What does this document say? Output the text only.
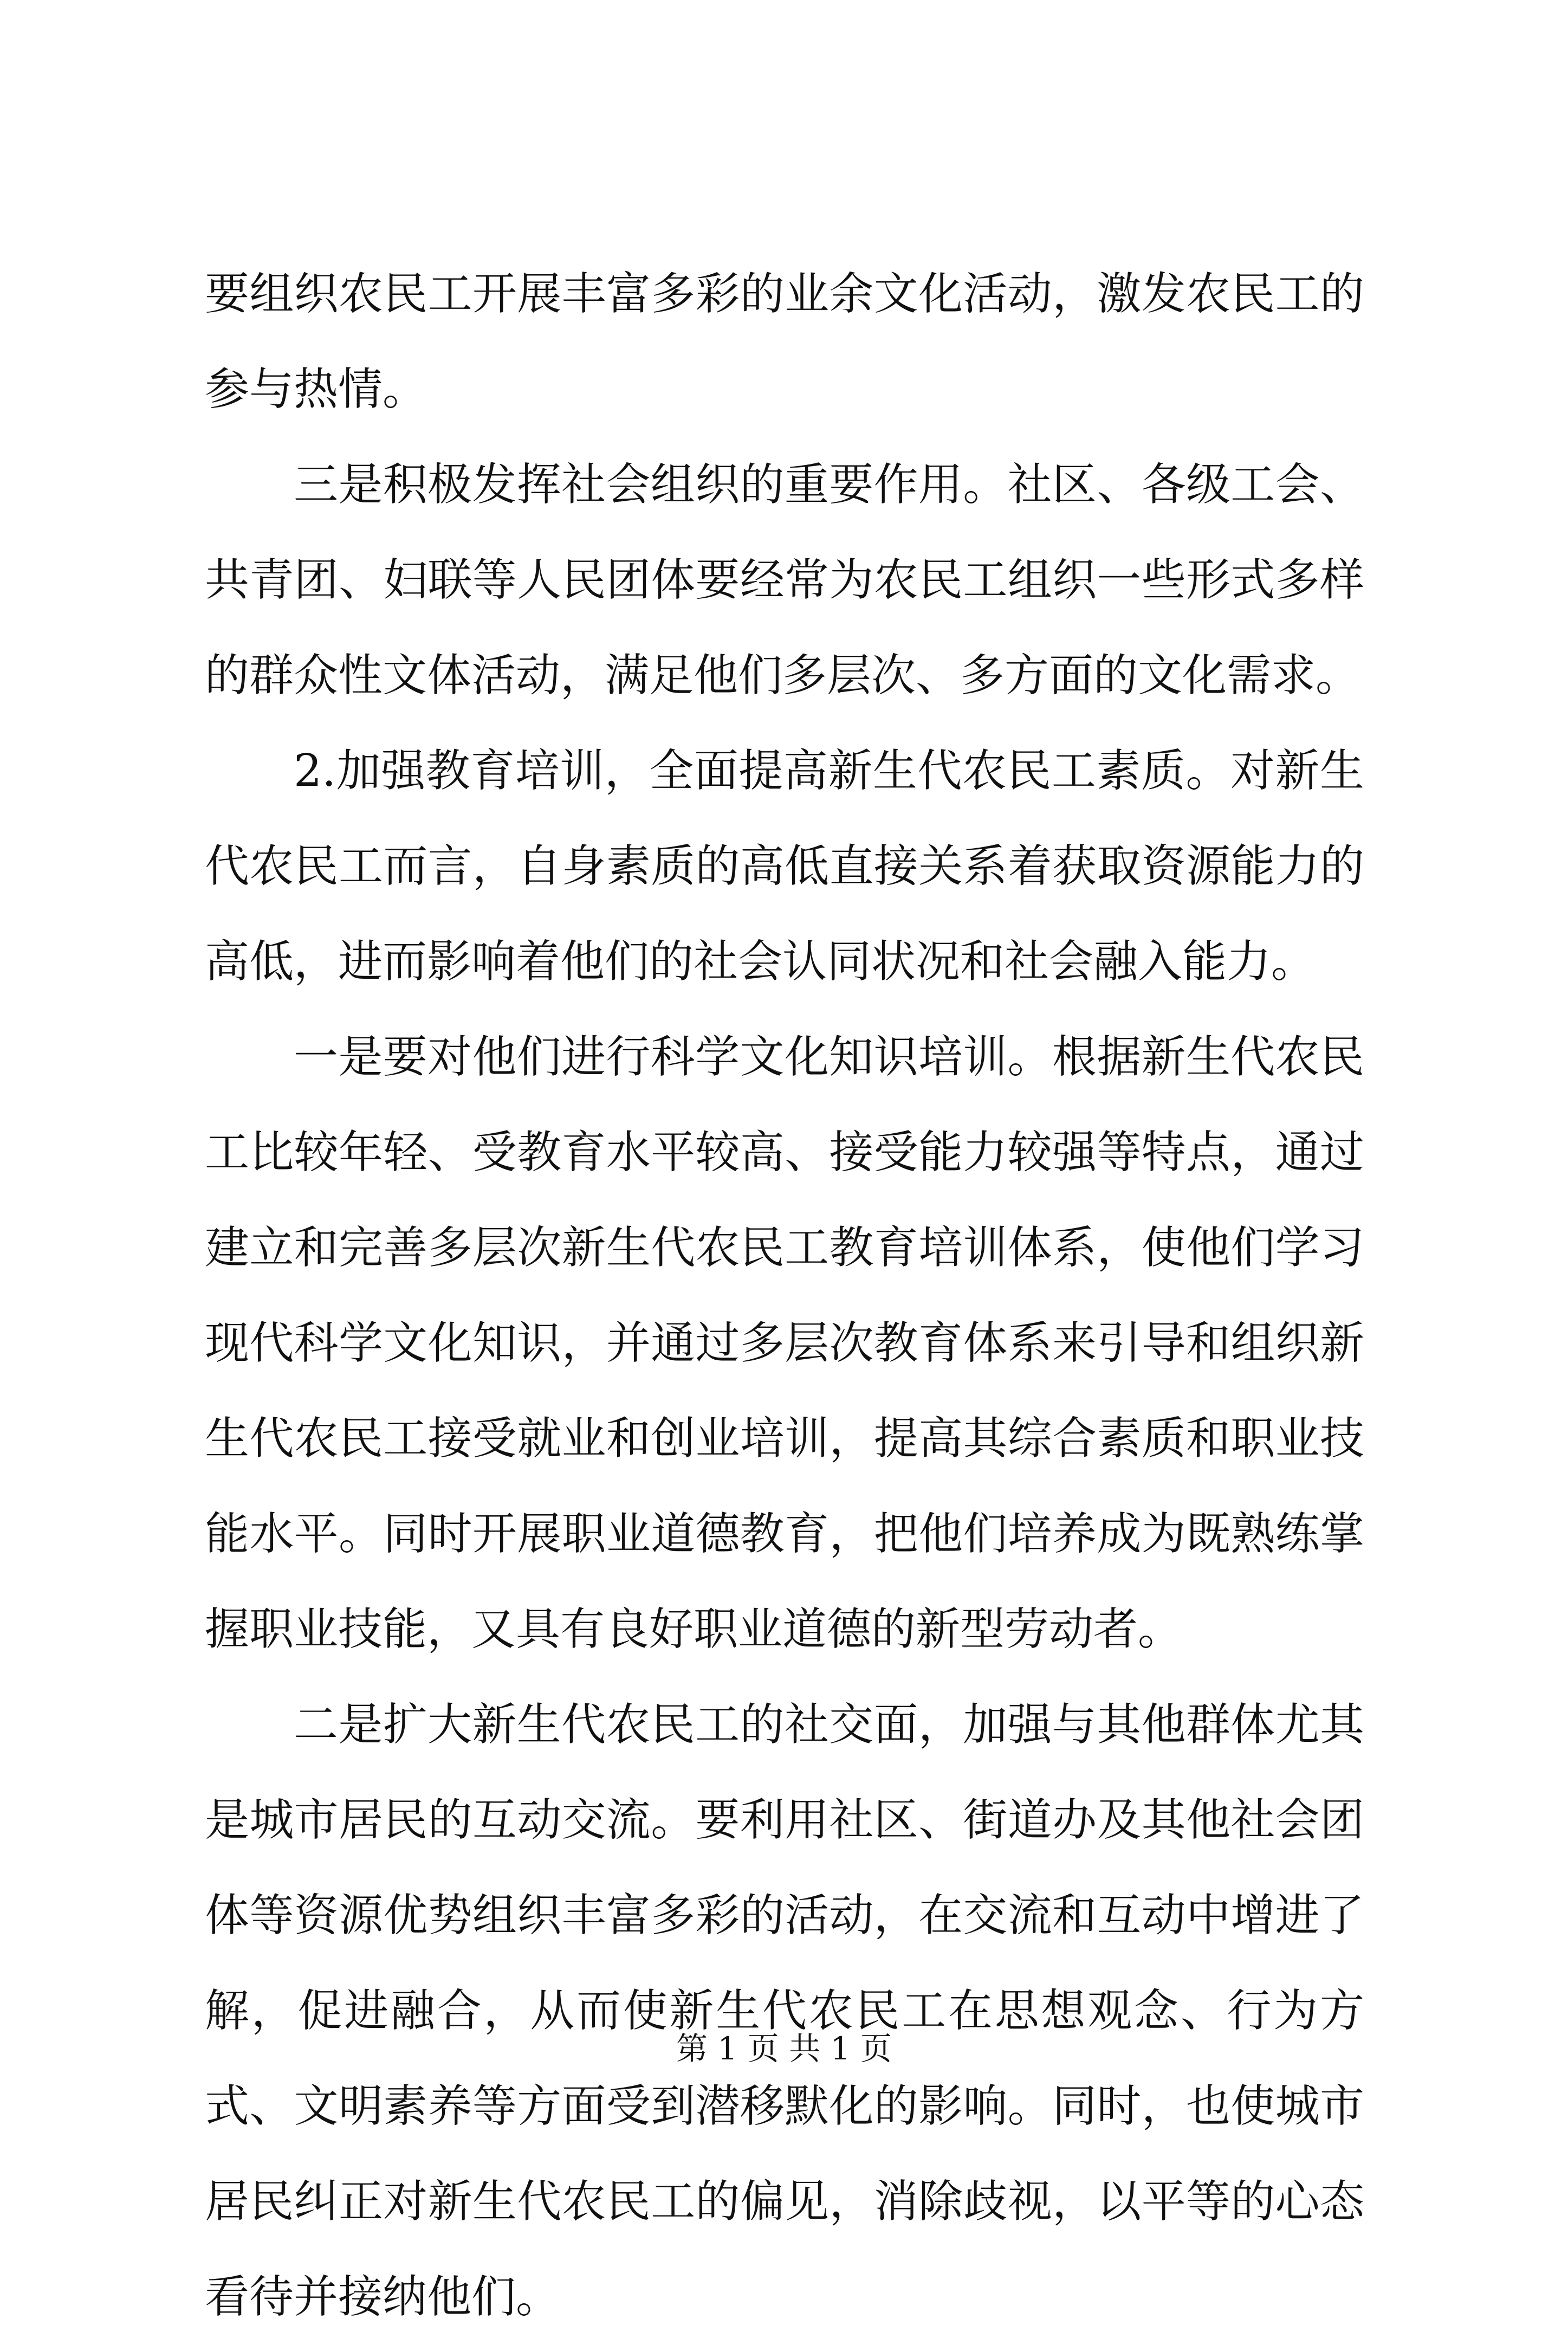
要组织农民工开展丰富多彩的业余文化活动，激发农民工的参与热情。

三是积极发挥社会组织的重要作用。社区、各级工会、共青团、妇联等人民团体要经常为农民工组织一些形式多样的群众性文体活动，满足他们多层次、多方面的文化需求。

2.加强教育培训，全面提高新生代农民工素质。对新生代农民工而言，自身素质的高低直接关系着获取资源能力的高低，进而影响着他们的社会认同状况和社会融入能力。

一是要对他们进行科学文化知识培训。根据新生代农民工比较年轻、受教育水平较高、接受能力较强等特点，通过建立和完善多层次新生代农民工教育培训体系，使他们学习现代科学文化知识，并通过多层次教育体系来引导和组织新生代农民工接受就业和创业培训，提高其综合素质和职业技能水平。同时开展职业道德教育，把他们培养成为既熟练掌握职业技能，又具有良好职业道德的新型劳动者。

二是扩大新生代农民工的社交面，加强与其他群体尤其是城市居民的互动交流。要利用社区、街道办及其他社会团体等资源优势组织丰富多彩的活动，在交流和互动中增进了解，促进融合，从而使新生代农民工在思想观念、行为方式、文明素养等方面受到潜移默化的影响。同时，也使城市居民纠正对新生代农民工的偏见，消除歧视，以平等的心态看待并接纳他们。

第 1 页 共 1 页
